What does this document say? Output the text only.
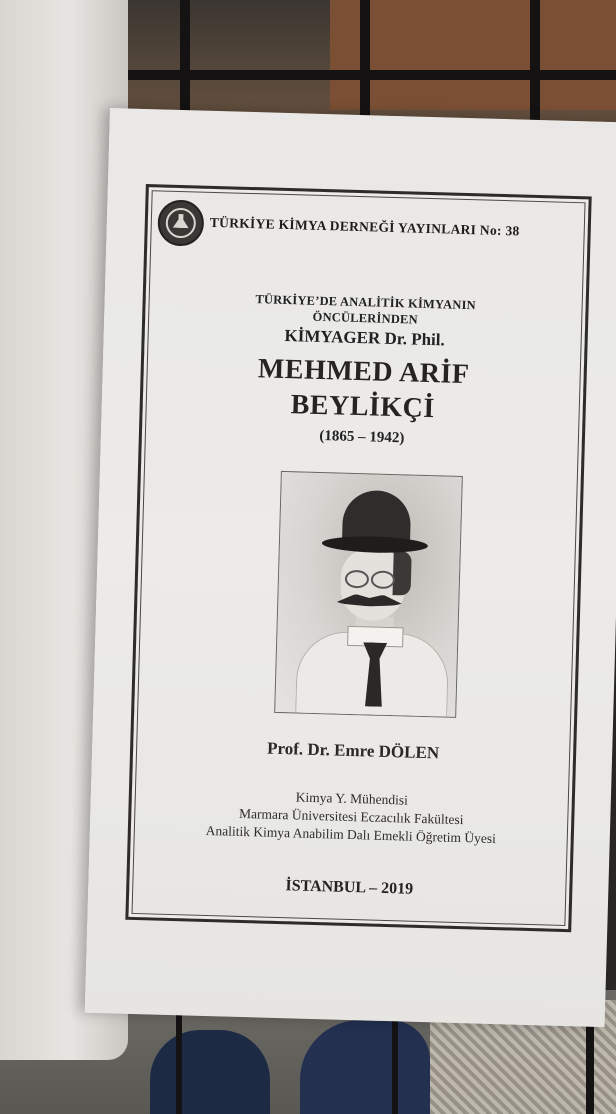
TÜRKİYE KİMYA DERNEĞİ YAYINLARI No: 38
TÜRKİYE’DE ANALİTİK KİMYANIN
ÖNCÜLERİNDEN
KİMYAGER Dr. Phil.
MEHMED ARİF
BEYLİKÇİ
(1865 – 1942)
Prof. Dr. Emre DÖLEN
Kimya Y. Mühendisi
Marmara Üniversitesi Eczacılık Fakültesi
Analitik Kimya Anabilim Dalı Emekli Öğretim Üyesi
İSTANBUL – 2019
